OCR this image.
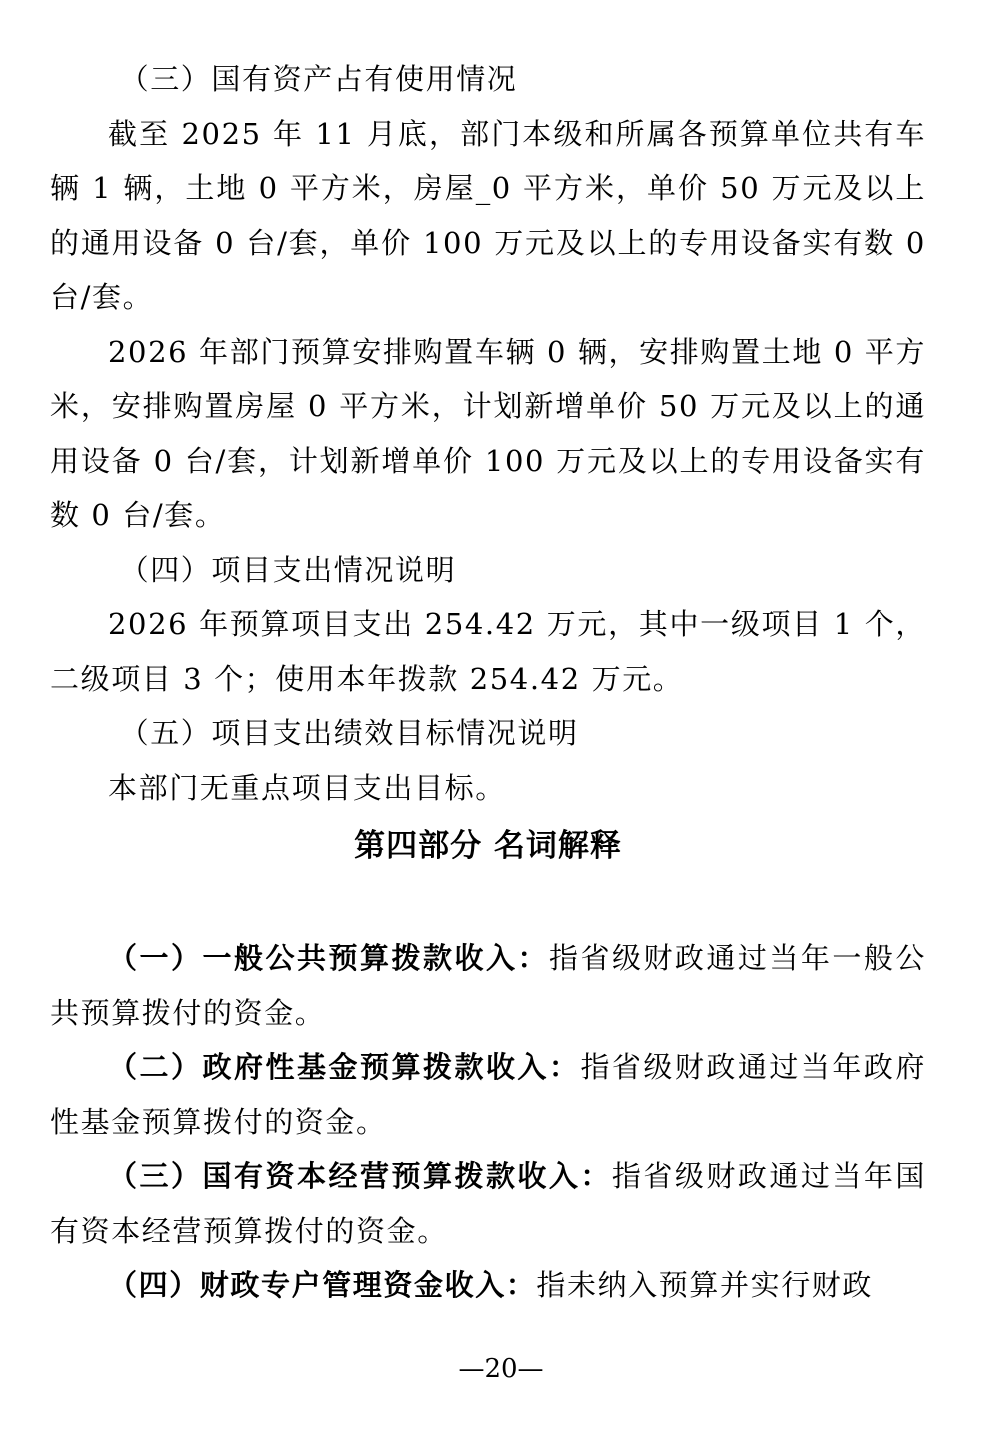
（三）国有资产占有使用情况

截至 2025 年 11 月底，部门本级和所属各预算单位共有车辆 1 辆，土地 0 平方米，房屋_0 平方米，单价 50 万元及以上的通用设备 0 台/套，单价 100 万元及以上的专用设备实有数 0 台/套。

2026 年部门预算安排购置车辆 0 辆，安排购置土地 0 平方米，安排购置房屋 0 平方米，计划新增单价 50 万元及以上的通用设备 0 台/套，计划新增单价 100 万元及以上的专用设备实有数 0 台/套。

（四）项目支出情况说明

2026 年预算项目支出 254.42 万元，其中一级项目 1 个，二级项目 3 个；使用本年拨款 254.42 万元。

（五）项目支出绩效目标情况说明

本部门无重点项目支出目标。

第四部分 名词解释

（一）一般公共预算拨款收入：指省级财政通过当年一般公共预算拨付的资金。

（二）政府性基金预算拨款收入：指省级财政通过当年政府性基金预算拨付的资金。

（三）国有资本经营预算拨款收入：指省级财政通过当年国有资本经营预算拨付的资金。

（四）财政专户管理资金收入：指未纳入预算并实行财政

—20—
